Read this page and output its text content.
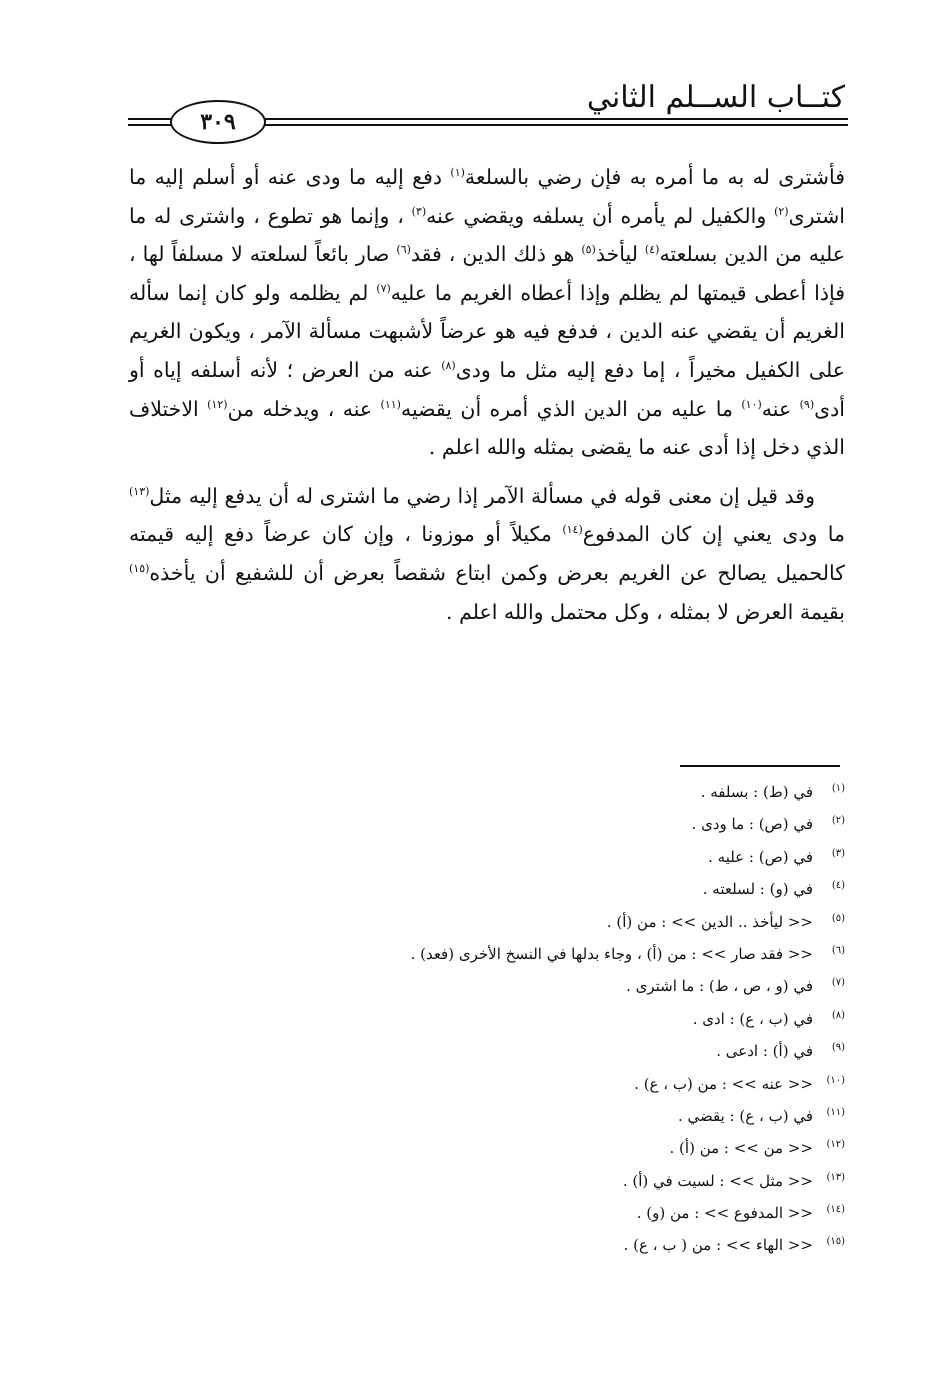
كتــاب الســلم الثاني
٣٠٩

فأشترى له به ما أمره به فإن رضي بالسلعة$^{(١)}$ دفع إليه ما ودى عنه أو أسلم إليه ما اشترى$^{(٢)}$ والكفيل لم يأمره أن يسلفه ويقضي عنه$^{(٣)}$ ، وإنما هو تطوع ، واشترى له ما عليه من الدين بسلعته$^{(٤)}$ ليأخذ$^{(٥)}$ هو ذلك الدين ، فقد$^{(٦)}$ صار بائعاً لسلعته لا مسلفاً لها ، فإذا أعطى قيمتها لم يظلم وإذا أعطاه الغريم ما عليه$^{(٧)}$ لم يظلمه ولو كان إنما سأله الغريم أن يقضي عنه الدين ، فدفع فيه هو عرضاً لأشبهت مسألة الآمر ، ويكون الغريم على الكفيل مخيراً ، إما دفع إليه مثل ما ودى$^{(٨)}$ عنه من العرض ؛ لأنه أسلفه إياه أو أدى$^{(٩)}$ عنه$^{(١٠)}$ ما عليه من الدين الذي أمره أن يقضيه$^{(١١)}$ عنه ، ويدخله من$^{(١٢)}$ الاختلاف الذي دخل إذا أدى عنه ما يقضى بمثله والله اعلم .

وقد قيل إن معنى قوله في مسألة الآمر إذا رضي ما اشترى له أن يدفع إليه مثل$^{(١٣)}$ ما ودى يعني إن كان المدفوع$^{(١٤)}$ مكيلاً أو موزونا ، وإن كان عرضاً دفع إليه قيمته كالحميل يصالح عن الغريم بعرض وكمن ابتاع شقصاً بعرض أن للشفيع أن يأخذه$^{(١٥)}$ بقيمة العرض لا بمثله ، وكل محتمل والله اعلم .

(١)في (ط) : بسلفه .
(٢)في (ص) : ما ودى .
(٣)في (ص) : عليه .
(٤)في (و) : لسلعته .
(٥)<< ليأخذ .. الدين >> : من (أ) .
(٦)<< فقد صار >> : من (أ) ، وجاء بدلها في النسخ الأخرى (فعد) .
(٧)في (و ، ص ، ط) : ما اشترى .
(٨)في (ب ، ع) : ادى .
(٩)في (أ) : ادعى .
(١٠)<< عنه >> : من (ب ، ع) .
(١١)في (ب ، ع) : يقضي .
(١٢)<< من >> : من (أ) .
(١٣)<< مثل >> : لسيت في (أ) .
(١٤)<< المدفوع >> : من (و) .
(١٥)<< الهاء >> : من ( ب ، ع) .
